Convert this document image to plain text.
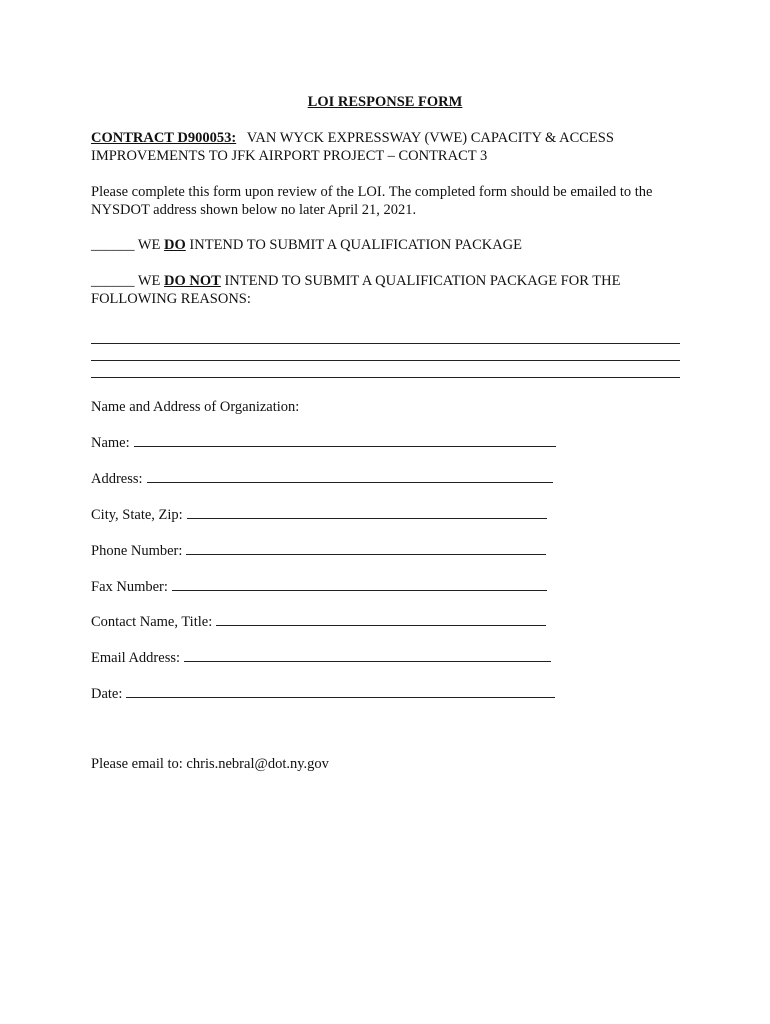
LOI RESPONSE FORM
CONTRACT D900053: VAN WYCK EXPRESSWAY (VWE) CAPACITY & ACCESS
IMPROVEMENTS TO JFK AIRPORT PROJECT – CONTRACT 3
Please complete this form upon review of the LOI. The completed form should be emailed to the
NYSDOT address shown below no later April 21, 2021.
______ WE DO INTEND TO SUBMIT A QUALIFICATION PACKAGE
______ WE DO NOT INTEND TO SUBMIT A QUALIFICATION PACKAGE FOR THE
FOLLOWING REASONS:
Name and Address of Organization:
Name:
Address:
City, State, Zip:
Phone Number:
Fax Number:
Contact Name, Title:
Email Address:
Date:
Please email to: chris.nebral@dot.ny.gov
